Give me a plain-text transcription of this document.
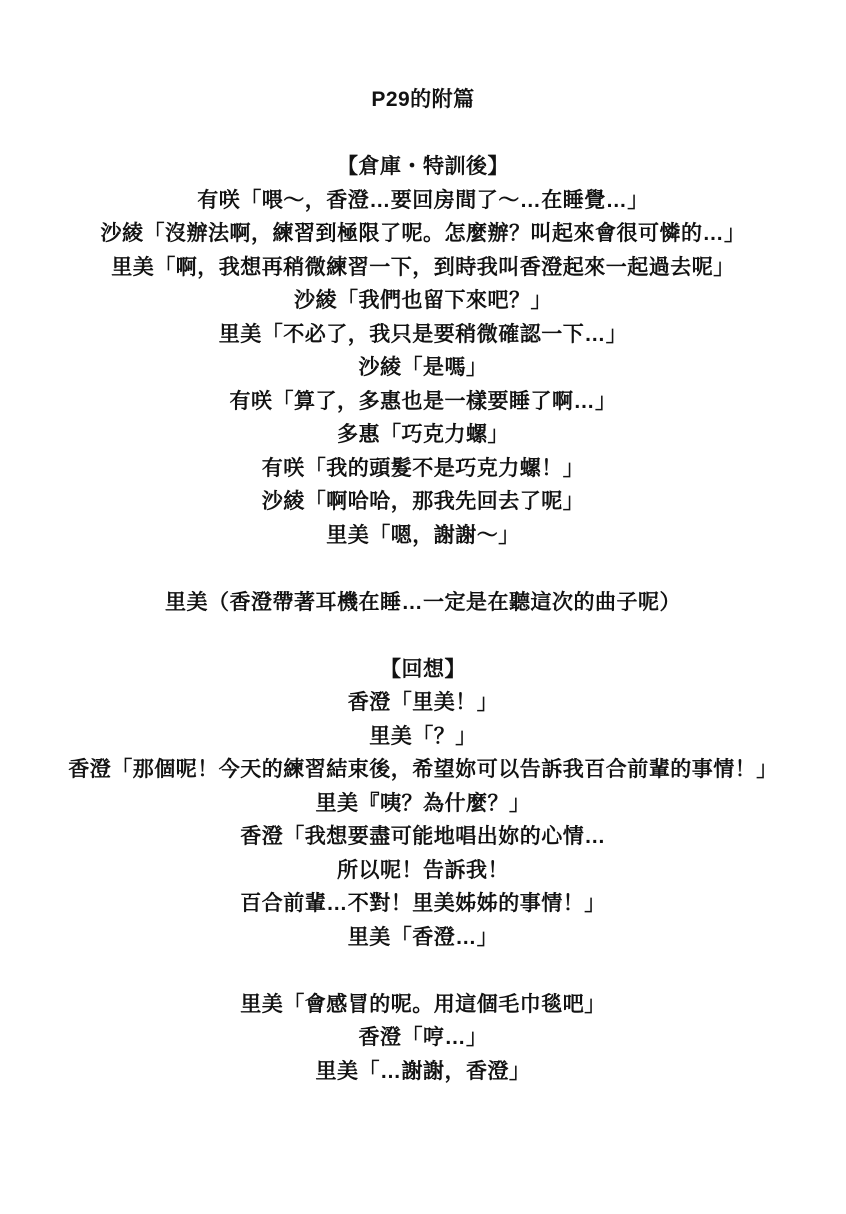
P29的附篇
【倉庫・特訓後】
有咲「喂～，香澄…要回房間了～…在睡覺…」
沙綾「沒辦法啊，練習到極限了呢。怎麼辦？叫起來會很可憐的…」
里美「啊，我想再稍微練習一下，到時我叫香澄起來一起過去呢」
沙綾「我們也留下來吧？」
里美「不必了，我只是要稍微確認一下…」
沙綾「是嗎」
有咲「算了，多惠也是一樣要睡了啊…」
多惠「巧克力螺」
有咲「我的頭髮不是巧克力螺！」
沙綾「啊哈哈，那我先回去了呢」
里美「嗯，謝謝～」
里美（香澄帶著耳機在睡…一定是在聽這次的曲子呢）
【回想】
香澄「里美！」
里美「？」
香澄「那個呢！今天的練習結束後，希望妳可以告訴我百合前輩的事情！」
里美『咦？為什麼？」
香澄「我想要盡可能地唱出妳的心情…
所以呢！告訴我！
百合前輩…不對！里美姊姊的事情！」
里美「香澄…」
里美「會感冒的呢。用這個毛巾毯吧」
香澄「哼…」
里美「…謝謝，香澄」
